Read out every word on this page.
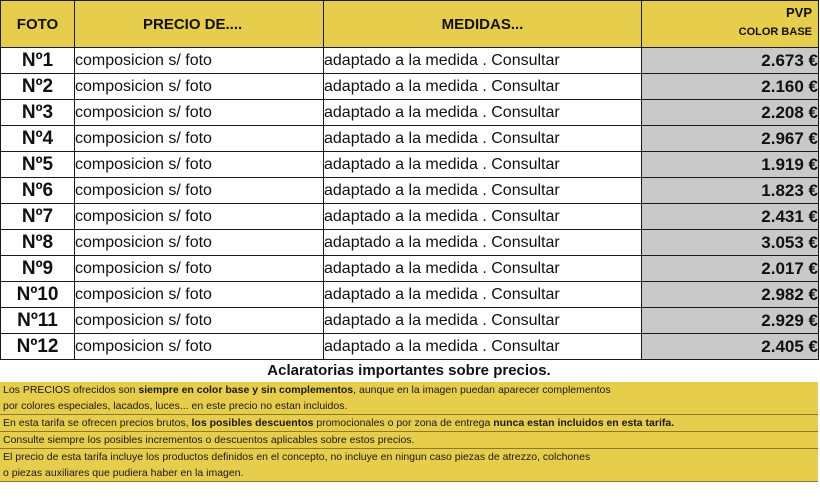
FOTO	PRECIO DE....	MEDIDAS...	PVP
COLOR BASE

Nº1	composicion s/ foto	adaptado a la medida . Consultar	2.673 €
Nº2	composicion s/ foto	adaptado a la medida . Consultar	2.160 €
Nº3	composicion s/ foto	adaptado a la medida . Consultar	2.208 €
Nº4	composicion s/ foto	adaptado a la medida . Consultar	2.967 €
Nº5	composicion s/ foto	adaptado a la medida . Consultar	1.919 €
Nº6	composicion s/ foto	adaptado a la medida . Consultar	1.823 €
Nº7	composicion s/ foto	adaptado a la medida . Consultar	2.431 €
Nº8	composicion s/ foto	adaptado a la medida . Consultar	3.053 €
Nº9	composicion s/ foto	adaptado a la medida . Consultar	2.017 €
Nº10	composicion s/ foto	adaptado a la medida . Consultar	2.982 €
Nº11	composicion s/ foto	adaptado a la medida . Consultar	2.929 €
Nº12	composicion s/ foto	adaptado a la medida . Consultar	2.405 €
Aclaratorias importantes sobre precios.
Los PRECIOS ofrecidos son siempre en color base y sin complementos, aunque en la imagen puedan aparecer complementos
por colores especiales, lacados, luces... en este precio no estan incluidos.
En esta tarifa se ofrecen precios brutos, los posibles descuentos promocionales o por zona de entrega nunca estan incluidos en esta tarifa.
Consulte siempre los posibles incrementos o descuentos aplicables sobre estos precios.
El precio de esta tarifa incluye los productos definidos en el concepto, no incluye en ningun caso piezas de atrezzo, colchones
o piezas auxiliares que pudiera haber en la imagen.
